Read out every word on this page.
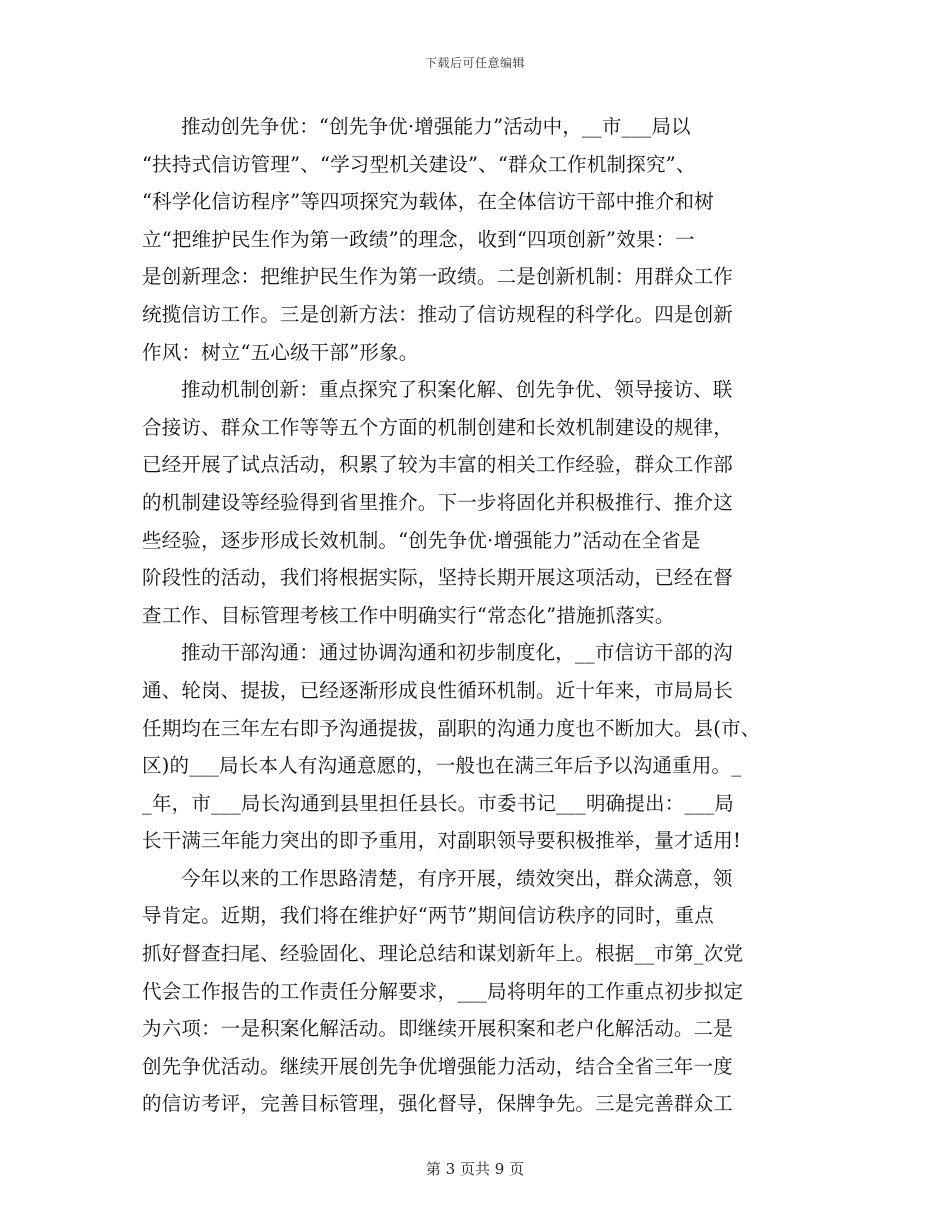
下载后可任意编辑
推动创先争优：“创先争优·增强能力”活动中，__市___局以
“扶持式信访管理”、“学习型机关建设”、“群众工作机制探究”、
“科学化信访程序”等四项探究为载体，在全体信访干部中推介和树
立“把维护民生作为第一政绩”的理念，收到“四项创新”效果：一
是创新理念：把维护民生作为第一政绩。二是创新机制：用群众工作
统揽信访工作。三是创新方法：推动了信访规程的科学化。四是创新
作风：树立“五心级干部”形象。
推动机制创新：重点探究了积案化解、创先争优、领导接访、联
合接访、群众工作等等五个方面的机制创建和长效机制建设的规律，
已经开展了试点活动，积累了较为丰富的相关工作经验，群众工作部
的机制建设等经验得到省里推介。下一步将固化并积极推行、推介这
些经验，逐步形成长效机制。“创先争优·增强能力”活动在全省是
阶段性的活动，我们将根据实际，坚持长期开展这项活动，已经在督
查工作、目标管理考核工作中明确实行“常态化”措施抓落实。
推动干部沟通：通过协调沟通和初步制度化，__市信访干部的沟
通、轮岗、提拔，已经逐渐形成良性循环机制。近十年来，市局局长
任期均在三年左右即予沟通提拔，副职的沟通力度也不断加大。县(市、
区)的___局长本人有沟通意愿的，一般也在满三年后予以沟通重用。_
_年，市___局长沟通到县里担任县长。市委书记___明确提出：___局
长干满三年能力突出的即予重用，对副职领导要积极推举，量才适用!
今年以来的工作思路清楚，有序开展，绩效突出，群众满意，领
导肯定。近期，我们将在维护好“两节”期间信访秩序的同时，重点
抓好督查扫尾、经验固化、理论总结和谋划新年上。根据__市第_次党
代会工作报告的工作责任分解要求，___局将明年的工作重点初步拟定
为六项：一是积案化解活动。即继续开展积案和老户化解活动。二是
创先争优活动。继续开展创先争优增强能力活动，结合全省三年一度
的信访考评，完善目标管理，强化督导，保牌争先。三是完善群众工
第 3 页共 9 页
